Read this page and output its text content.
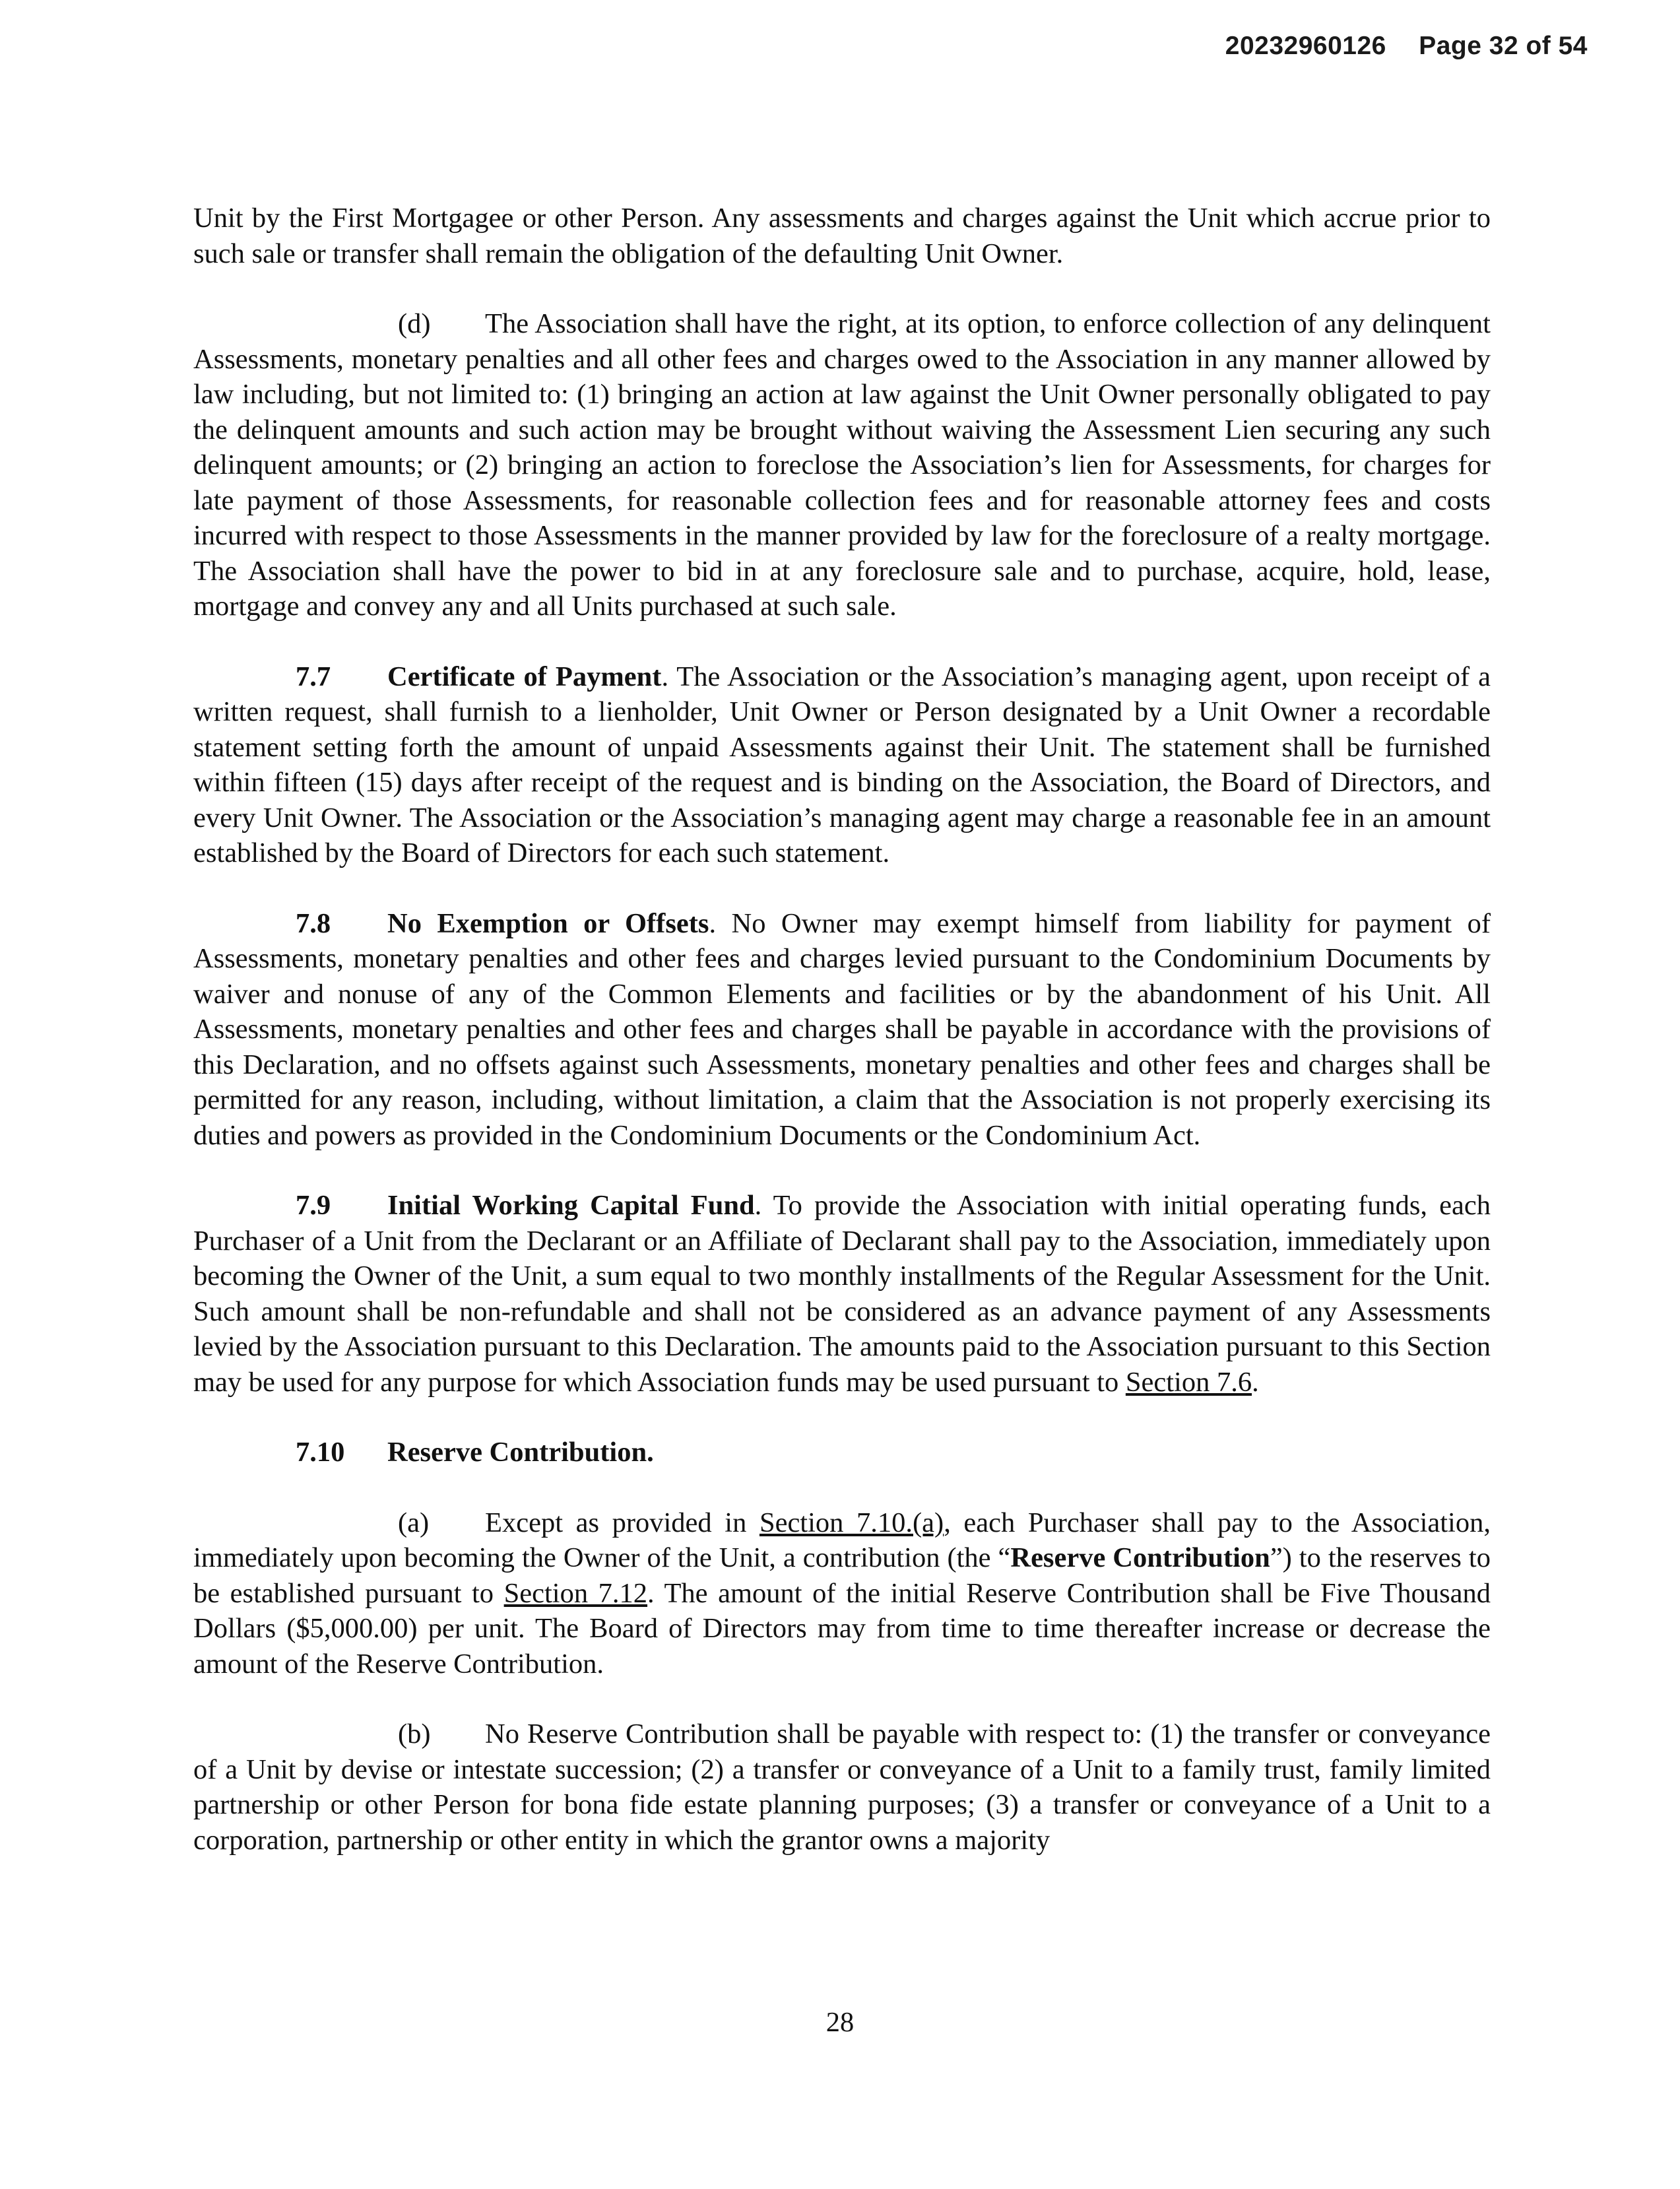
20232960126 Page 32 of 54

Unit by the First Mortgagee or other Person. Any assessments and charges against the Unit which accrue prior to such sale or transfer shall remain the obligation of the defaulting Unit Owner.

(d) The Association shall have the right, at its option, to enforce collection of any delinquent Assessments, monetary penalties and all other fees and charges owed to the Association in any manner allowed by law including, but not limited to: (1) bringing an action at law against the Unit Owner personally obligated to pay the delinquent amounts and such action may be brought without waiving the Assessment Lien securing any such delinquent amounts; or (2) bringing an action to foreclose the Association’s lien for Assessments, for charges for late payment of those Assessments, for reasonable collection fees and for reasonable attorney fees and costs incurred with respect to those Assessments in the manner provided by law for the foreclosure of a realty mortgage. The Association shall have the power to bid in at any foreclosure sale and to purchase, acquire, hold, lease, mortgage and convey any and all Units purchased at such sale.

7.7 Certificate of Payment. The Association or the Association’s managing agent, upon receipt of a written request, shall furnish to a lienholder, Unit Owner or Person designated by a Unit Owner a recordable statement setting forth the amount of unpaid Assessments against their Unit. The statement shall be furnished within fifteen (15) days after receipt of the request and is binding on the Association, the Board of Directors, and every Unit Owner. The Association or the Association’s managing agent may charge a reasonable fee in an amount established by the Board of Directors for each such statement.

7.8 No Exemption or Offsets. No Owner may exempt himself from liability for payment of Assessments, monetary penalties and other fees and charges levied pursuant to the Condominium Documents by waiver and nonuse of any of the Common Elements and facilities or by the abandonment of his Unit. All Assessments, monetary penalties and other fees and charges shall be payable in accordance with the provisions of this Declaration, and no offsets against such Assessments, monetary penalties and other fees and charges shall be permitted for any reason, including, without limitation, a claim that the Association is not properly exercising its duties and powers as provided in the Condominium Documents or the Condominium Act.

7.9 Initial Working Capital Fund. To provide the Association with initial operating funds, each Purchaser of a Unit from the Declarant or an Affiliate of Declarant shall pay to the Association, immediately upon becoming the Owner of the Unit, a sum equal to two monthly installments of the Regular Assessment for the Unit. Such amount shall be non-refundable and shall not be considered as an advance payment of any Assessments levied by the Association pursuant to this Declaration. The amounts paid to the Association pursuant to this Section may be used for any purpose for which Association funds may be used pursuant to Section 7.6.

7.10 Reserve Contribution.

(a) Except as provided in Section 7.10.(a), each Purchaser shall pay to the Association, immediately upon becoming the Owner of the Unit, a contribution (the “Reserve Contribution”) to the reserves to be established pursuant to Section 7.12. The amount of the initial Reserve Contribution shall be Five Thousand Dollars ($5,000.00) per unit. The Board of Directors may from time to time thereafter increase or decrease the amount of the Reserve Contribution.

(b) No Reserve Contribution shall be payable with respect to: (1) the transfer or conveyance of a Unit by devise or intestate succession; (2) a transfer or conveyance of a Unit to a family trust, family limited partnership or other Person for bona fide estate planning purposes; (3) a transfer or conveyance of a Unit to a corporation, partnership or other entity in which the grantor owns a majority

28
